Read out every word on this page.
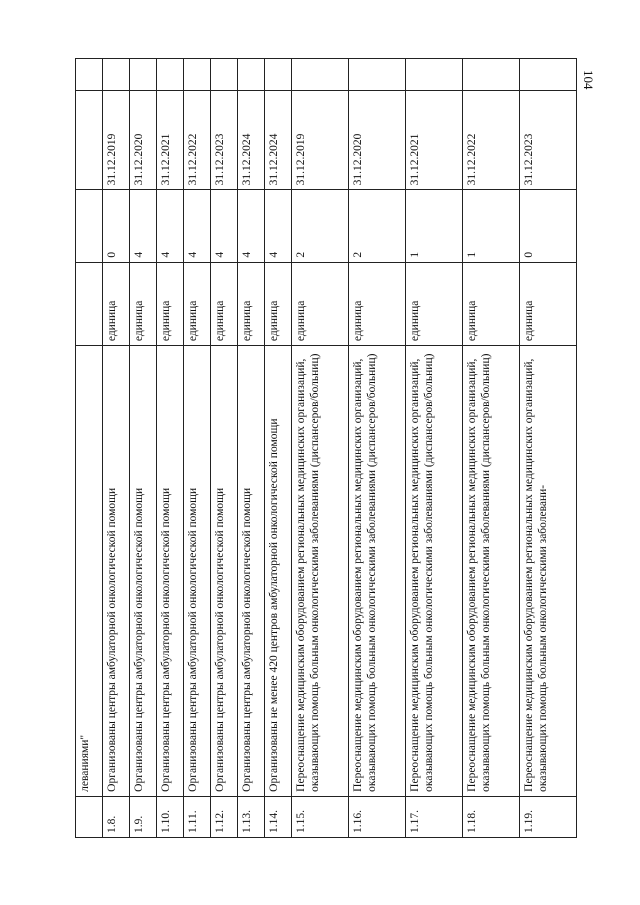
104
	леваниями"				
1.8.	Организованы центры амбулаторной онкологической помощи	единица	0	31.12.2019	
1.9.	Организованы центры амбулаторной онкологической помощи	единица	4	31.12.2020	
1.10.	Организованы центры амбулаторной онкологической помощи	единица	4	31.12.2021	
1.11.	Организованы центры амбулаторной онкологической помощи	единица	4	31.12.2022	
1.12.	Организованы центры амбулаторной онкологической помощи	единица	4	31.12.2023	
1.13.	Организованы центры амбулаторной онкологической помощи	единица	4	31.12.2024	
1.14.	Организованы не менее 420 центров амбулаторной онкологической помощи	единица	4	31.12.2024	
1.15.	Переоснащение медицинским оборудованием региональных медицинских организаций, оказывающих помощь больным онкологическими заболеваниями (диспансеров/больниц)	единица	2	31.12.2019	
1.16.	Переоснащение медицинским оборудованием региональных медицинских организаций, оказывающих помощь больным онкологическими заболеваниями (диспансеров/больниц)	единица	2	31.12.2020	
1.17.	Переоснащение медицинским оборудованием региональных медицинских организаций, оказывающих помощь больным онкологическими заболеваниями (диспансеров/больниц)	единица	1	31.12.2021	
1.18.	Переоснащение медицинским оборудованием региональных медицинских организаций, оказывающих помощь больным онкологическими заболеваниями (диспансеров/больниц)	единица	1	31.12.2022	
1.19.	Переоснащение медицинским оборудованием региональных медицинских организаций, оказывающих помощь больным онкологическими заболевани-	единица	0	31.12.2023	
